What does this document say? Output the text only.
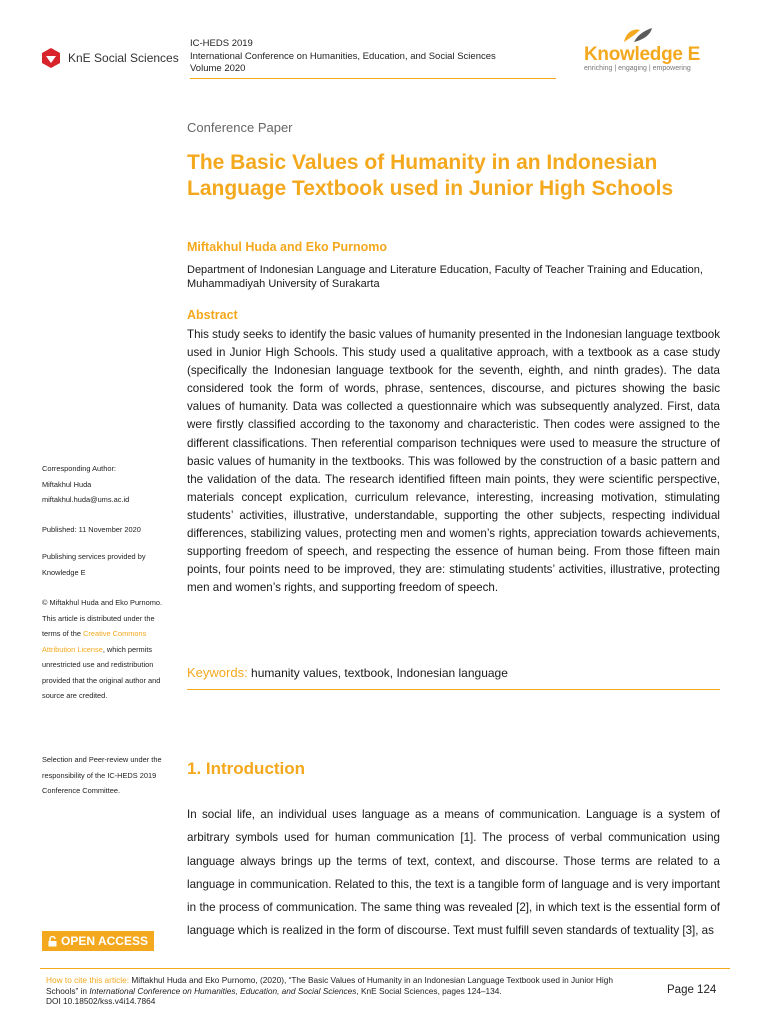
KnE Social Sciences
IC-HEDS 2019
International Conference on Humanities, Education, and Social Sciences
Volume 2020
Knowledge E
enriching | engaging | empowering
Conference Paper
The Basic Values of Humanity in an Indonesian Language Textbook used in Junior High Schools
Miftakhul Huda and Eko Purnomo
Department of Indonesian Language and Literature Education, Faculty of Teacher Training and Education, Muhammadiyah University of Surakarta
Abstract
This study seeks to identify the basic values of humanity presented in the Indonesian language textbook used in Junior High Schools. This study used a qualitative approach, with a textbook as a case study (specifically the Indonesian language textbook for the seventh, eighth, and ninth grades). The data considered took the form of words, phrase, sentences, discourse, and pictures showing the basic values of humanity. Data was collected a questionnaire which was subsequently analyzed. First, data were firstly classified according to the taxonomy and characteristic. Then codes were assigned to the different classifications. Then referential comparison techniques were used to measure the structure of basic values of humanity in the textbooks. This was followed by the construction of a basic pattern and the validation of the data. The research identified fifteen main points, they were scientific perspective, materials concept explication, curriculum relevance, interesting, increasing motivation, stimulating students’ activities, illustrative, understandable, supporting the other subjects, respecting individual differences, stabilizing values, protecting men and women’s rights, appreciation towards achievements, supporting freedom of speech, and respecting the essence of human being. From those fifteen main points, four points need to be improved, they are: stimulating students’ activities, illustrative, protecting men and women’s rights, and supporting freedom of speech.
Keywords: humanity values, textbook, Indonesian language
1. Introduction
In social life, an individual uses language as a means of communication. Language is a system of arbitrary symbols used for human communication [1]. The process of verbal communication using language always brings up the terms of text, context, and discourse. Those terms are related to a language in communication. Related to this, the text is a tangible form of language and is very important in the process of communication. The same thing was revealed [2], in which text is the essential form of language which is realized in the form of discourse. Text must fulfill seven standards of textuality [3], as
Corresponding Author:
Miftakhul Huda
miftakhul.huda@ums.ac.id
Published: 11 November 2020
Publishing services provided by Knowledge E
© Miftakhul Huda and Eko Purnomo. This article is distributed under the terms of the Creative Commons Attribution License, which permits unrestricted use and redistribution provided that the original author and source are credited.
Selection and Peer-review under the responsibility of the IC-HEDS 2019 Conference Committee.
OPEN ACCESS
How to cite this article: Miftakhul Huda and Eko Purnomo, (2020), “The Basic Values of Humanity in an Indonesian Language Textbook used in Junior High Schools” in International Conference on Humanities, Education, and Social Sciences, KnE Social Sciences, pages 124–134.
DOI 10.18502/kss.v4i14.7864
Page 124
